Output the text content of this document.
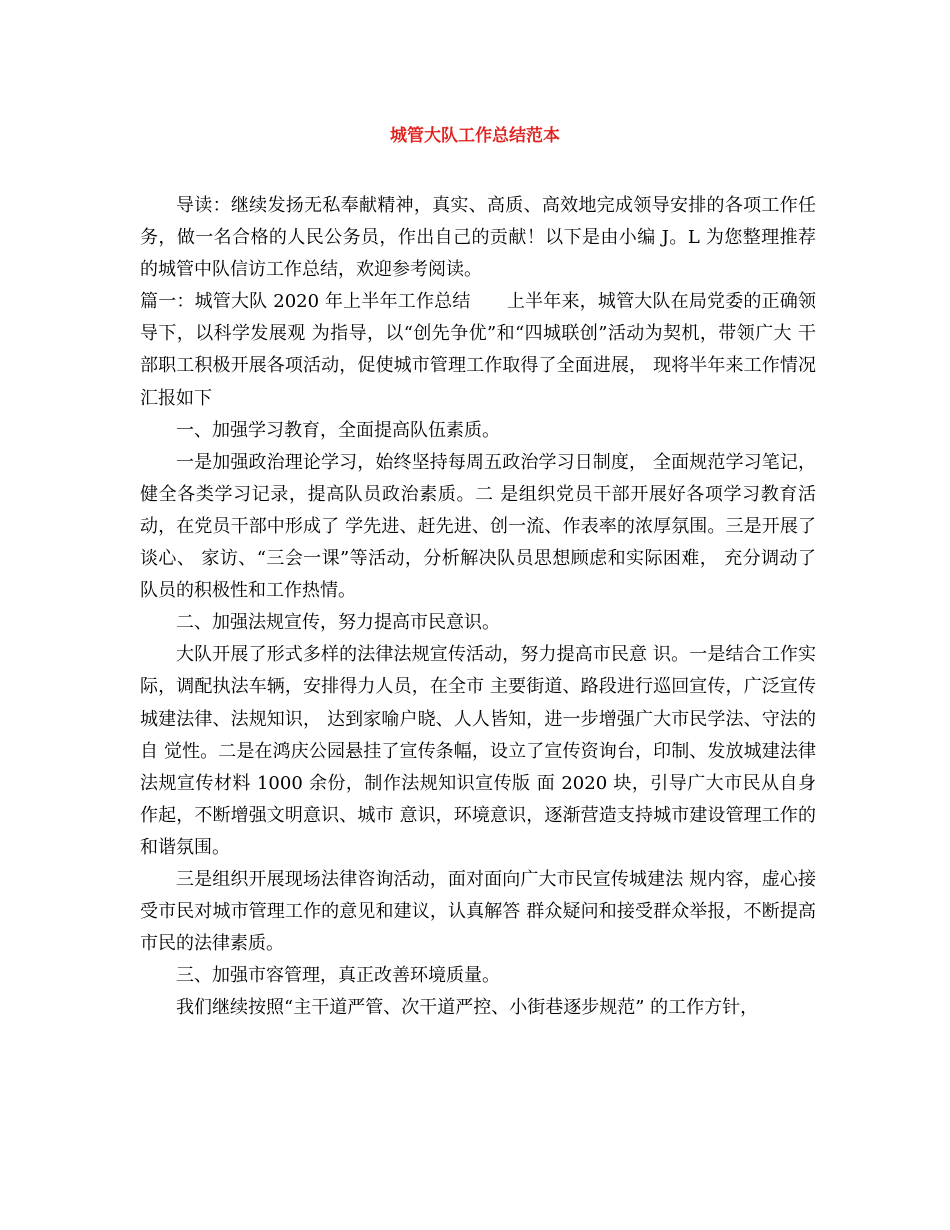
城管大队工作总结范本

导读：继续发扬无私奉献精神，真实、高质、高效地完成领导安排的各项工作任务，做一名合格的人民公务员，作出自己的贡献！以下是由小编 J。L 为您整理推荐的城管中队信访工作总结，欢迎参考阅读。

篇一：城管大队 2020 年上半年工作总结　　上半年来，城管大队在局党委的正确领导下，以科学发展观 为指导，以“创先争优”和“四城联创”活动为契机，带领广大 干部职工积极开展各项活动，促使城市管理工作取得了全面进展， 现将半年来工作情况汇报如下

一、加强学习教育，全面提高队伍素质。

一是加强政治理论学习，始终坚持每周五政治学习日制度， 全面规范学习笔记，健全各类学习记录，提高队员政治素质。二 是组织党员干部开展好各项学习教育活动，在党员干部中形成了 学先进、赶先进、创一流、作表率的浓厚氛围。三是开展了谈心、 家访、“三会一课”等活动，分析解决队员思想顾虑和实际困难， 充分调动了队员的积极性和工作热情。

二、加强法规宣传，努力提高市民意识。

大队开展了形式多样的法律法规宣传活动，努力提高市民意 识。一是结合工作实际，调配执法车辆，安排得力人员，在全市 主要街道、路段进行巡回宣传，广泛宣传城建法律、法规知识， 达到家喻户晓、人人皆知，进一步增强广大市民学法、守法的自 觉性。二是在鸿庆公园悬挂了宣传条幅，设立了宣传资询台，印制、发放城建法律法规宣传材料 1000 余份，制作法规知识宣传版 面 2020 块，引导广大市民从自身作起，不断增强文明意识、城市 意识，环境意识，逐渐营造支持城市建设管理工作的和谐氛围。

三是组织开展现场法律咨询活动，面对面向广大市民宣传城建法 规内容，虚心接受市民对城市管理工作的意见和建议，认真解答 群众疑问和接受群众举报，不断提高市民的法律素质。

三、加强市容管理，真正改善环境质量。

我们继续按照“主干道严管、次干道严控、小街巷逐步规范” 的工作方针，
